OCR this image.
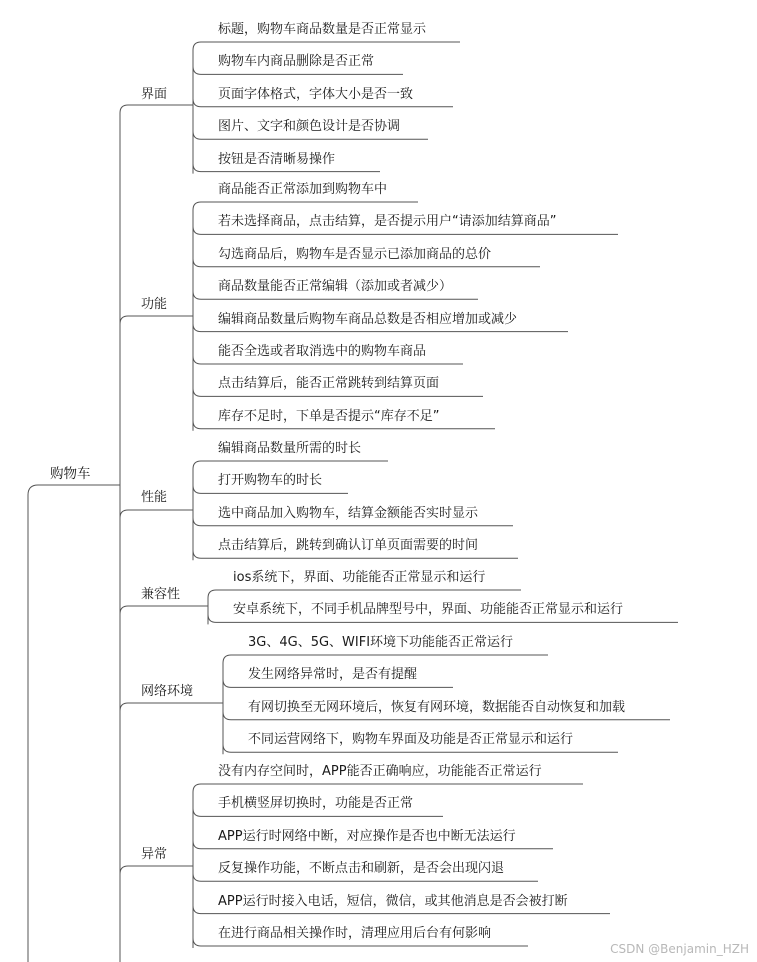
购物车
界面
标题，购物车商品数量是否正常显示
购物车内商品删除是否正常
页面字体格式，字体大小是否一致
图片、文字和颜色设计是否协调
按钮是否清晰易操作
功能
商品能否正常添加到购物车中
若未选择商品，点击结算，是否提示用户“请添加结算商品”
勾选商品后，购物车是否显示已添加商品的总价
商品数量能否正常编辑（添加或者减少）
编辑商品数量后购物车商品总数是否相应增加或减少
能否全选或者取消选中的购物车商品
点击结算后，能否正常跳转到结算页面
库存不足时，下单是否提示“库存不足”
性能
编辑商品数量所需的时长
打开购物车的时长
选中商品加入购物车，结算金额能否实时显示
点击结算后，跳转到确认订单页面需要的时间
兼容性
ios系统下，界面、功能能否正常显示和运行
安卓系统下，不同手机品牌型号中，界面、功能能否正常显示和运行
网络环境
3G、4G、5G、WIFI环境下功能能否正常运行
发生网络异常时，是否有提醒
有网切换至无网环境后，恢复有网环境，数据能否自动恢复和加载
不同运营网络下，购物车界面及功能是否正常显示和运行
异常
没有内存空间时，APP能否正确响应，功能能否正常运行
手机横竖屏切换时，功能是否正常
APP运行时网络中断，对应操作是否也中断无法运行
反复操作功能，不断点击和刷新，是否会出现闪退
APP运行时接入电话，短信，微信，或其他消息是否会被打断
在进行商品相关操作时，清理应用后台有何影响
CSDN @Benjamin_HZH
